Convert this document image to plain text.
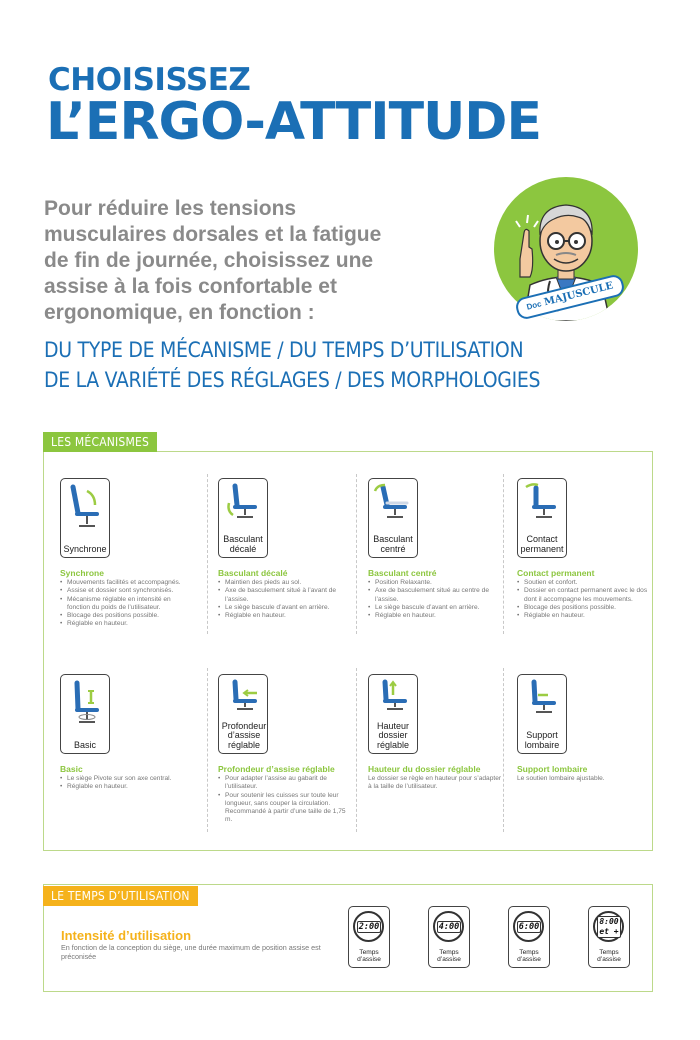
CHOISISSEZ
L’ERGO-ATTITUDE
Pour réduire les tensions
musculaires dorsales et la fatigue
de fin de journée, choisissez une
assise à la fois confortable et
ergonomique, en fonction :
DU TYPE DE MÉCANISME / DU TEMPS D’UTILISATION
DE LA VARIÉTÉ DES RÉGLAGES / DES MORPHOLOGIES
DocMAJUSCULE
LES MÉCANISMES
Synchrone
Synchrone
• Mouvements facilités et accompagnés.
• Assise et dossier sont synchronisés.
• Mécanisme réglable en intensité en fonction du poids de l’utilisateur.
• Blocage des positions possible.
• Réglable en hauteur.
Basculant décalé
Basculant décalé
• Maintien des pieds au sol.
• Axe de basculement situé à l’avant de l’assise.
• Le siège bascule d’avant en arrière.
• Réglable en hauteur.
Basculant centré
Basculant centré
• Position Relaxante.
• Axe de basculement situé au centre de l’assise.
• Le siège bascule d’avant en arrière.
• Réglable en hauteur.
Contact permanent
Contact permanent
• Soutien et confort.
• Dossier en contact permanent avec le dos dont il accompagne les mouvements.
• Blocage des positions possible.
• Réglable en hauteur.
Basic
Basic
• Le siège Pivote sur son axe central.
• Réglable en hauteur.
Profondeur d’assise réglable
Profondeur d’assise réglable
• Pour adapter l’assise au gabarit de l’utilisateur.
• Pour soutenir les cuisses sur toute leur longueur, sans couper la circulation. Recommandé à partir d’une taille de 1,75 m.
Hauteur dossier réglable
Hauteur du dossier réglable
Le dossier se règle en hauteur pour s’adapter à la taille de l’utilisateur.
Support lombaire
Support lombaire
Le soutien lombaire ajustable.
LE TEMPS D’UTILISATION
Intensité d’utilisation
En fonction de la conception du siège, une durée maximum de position assise est préconisée
2:00
Temps d’assise
4:00
Temps d’assise
6:00
Temps d’assise
8:00
et +
Temps d’assise
